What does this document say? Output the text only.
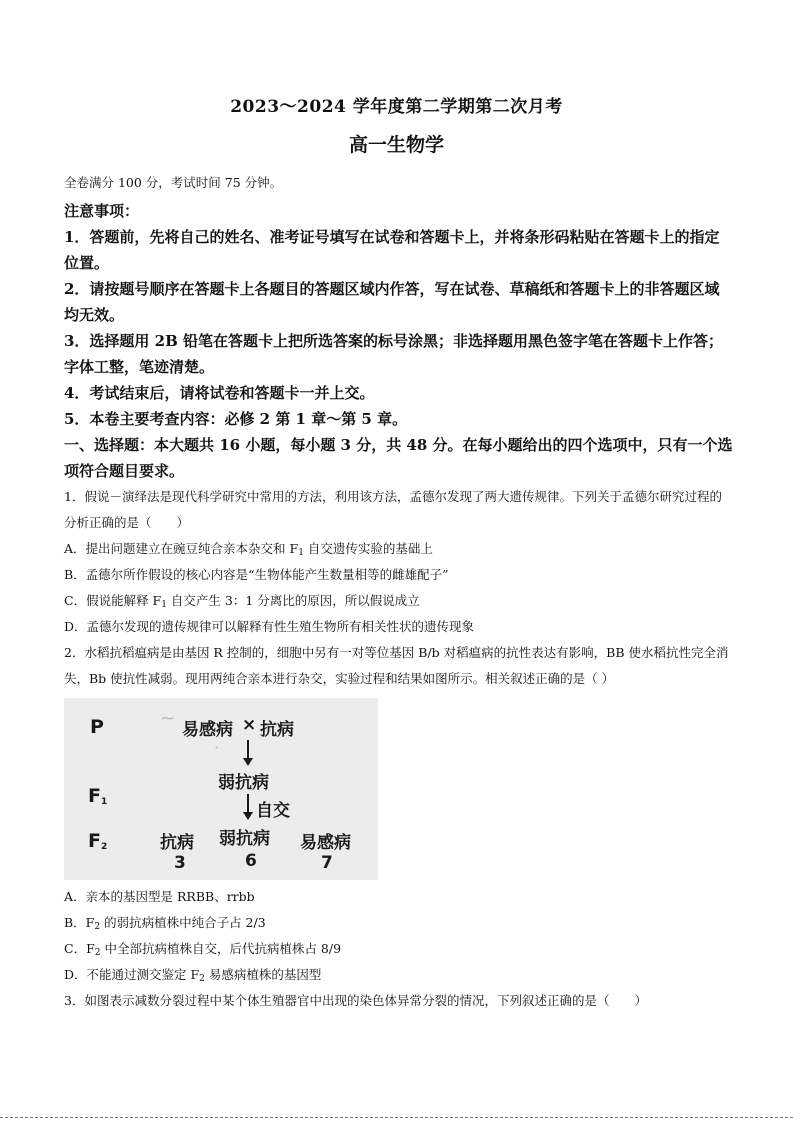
2023～2024 学年度第二学期第二次月考
高一生物学

全卷满分 100 分，考试时间 75 分钟。

注意事项：

1．答题前，先将自己的姓名、准考证号填写在试卷和答题卡上，并将条形码粘贴在答题卡上的指定位置。

2．请按题号顺序在答题卡上各题目的答题区域内作答，写在试卷、草稿纸和答题卡上的非答题区域均无效。

3．选择题用 2B 铅笔在答题卡上把所选答案的标号涂黑；非选择题用黑色签字笔在答题卡上作答；字体工整，笔迹清楚。

4．考试结束后，请将试卷和答题卡一并上交。

5．本卷主要考查内容：必修 2 第 1 章～第 5 章。

一、选择题：本大题共 16 小题，每小题 3 分，共 48 分。在每小题给出的四个选项中，只有一个选项符合题目要求。

1．假说－演绎法是现代科学研究中常用的方法，利用该方法，孟德尔发现了两大遗传规律。下列关于孟德尔研究过程的分析正确的是（　　）

A．提出问题建立在豌豆纯合亲本杂交和 $F_1$ 自交遗传实验的基础上

B．孟德尔所作假设的核心内容是“生物体能产生数量相等的雌雄配子”

C．假说能解释 $F_1$ 自交产生 3：1 分离比的原因，所以假说成立

D．孟德尔发现的遗传规律可以解释有性生殖生物所有相关性状的遗传现象

2．水稻抗稻瘟病是由基因 R 控制的，细胞中另有一对等位基因 B/b 对稻瘟病的抗性表达有影响，BB 使水稻抗性完全消失，Bb 使抗性减弱。现用两纯合亲本进行杂交，实验过程和结果如图所示。相关叙述正确的是（ ）

~
·
P	易感病 × 抗病
$F_1$
弱抗病
自交
$F_2$	抗病 弱抗病 易感病
3	6	7

A．亲本的基因型是 RRBB、rrbb

B．$F_2$ 的弱抗病植株中纯合子占 2/3

C．$F_2$ 中全部抗病植株自交，后代抗病植株占 8/9

D．不能通过测交鉴定 $F_2$ 易感病植株的基因型

3．如图表示减数分裂过程中某个体生殖器官中出现的染色体异常分裂的情况，下列叙述正确的是（　　）
